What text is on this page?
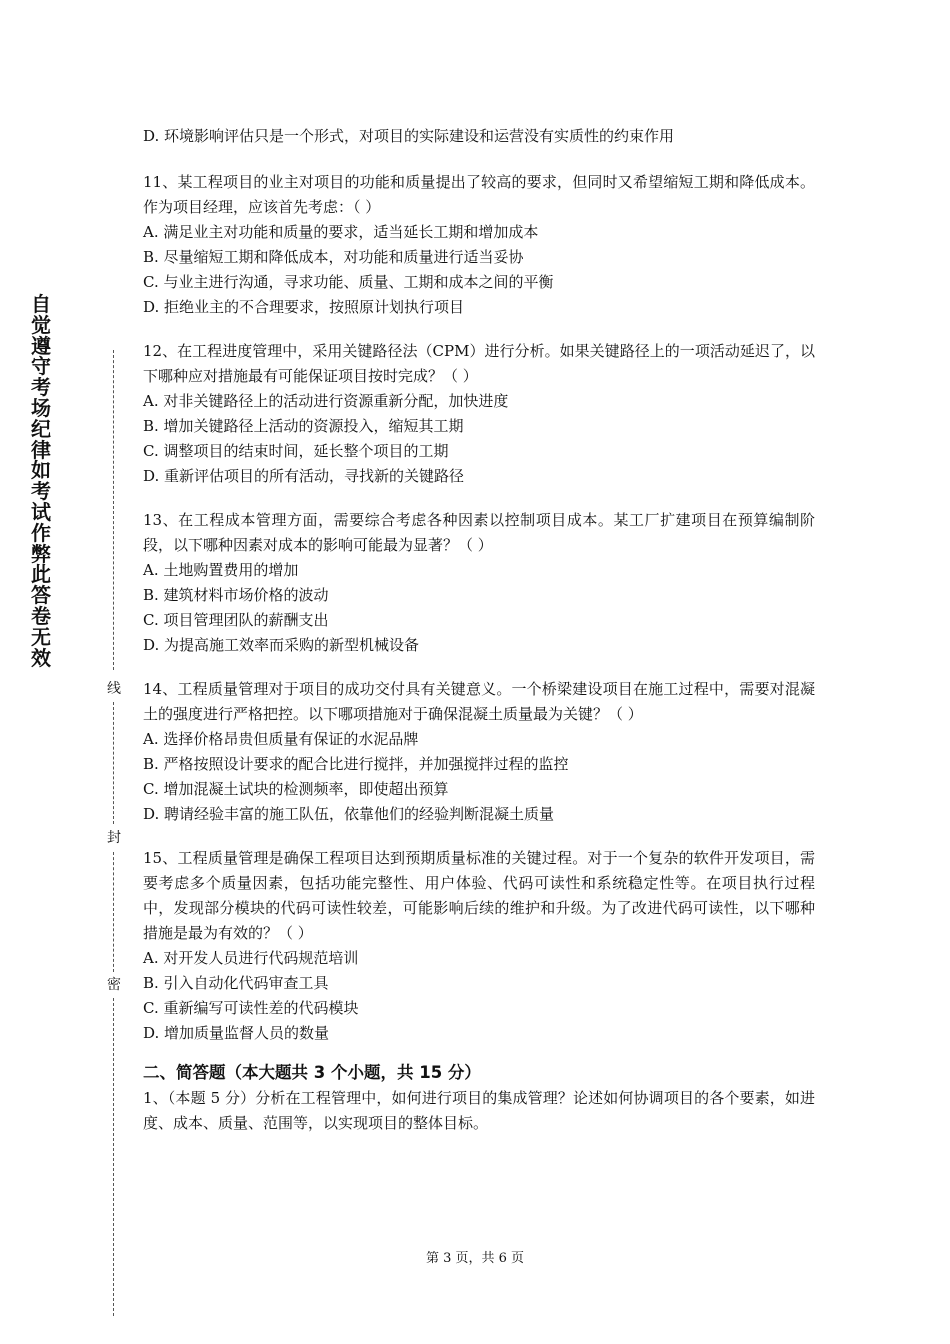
自
觉
遵
守
考
场
纪
律
如
考
试
作
弊
此
答
卷
无
效
线
封
密

D. 环境影响评估只是一个形式，对项目的实际建设和运营没有实质性的约束作用

11、某工程项目的业主对项目的功能和质量提出了较高的要求，但同时又希望缩短工期和降低成本。作为项目经理，应该首先考虑：（ ）

A. 满足业主对功能和质量的要求，适当延长工期和增加成本

B. 尽量缩短工期和降低成本，对功能和质量进行适当妥协

C. 与业主进行沟通，寻求功能、质量、工期和成本之间的平衡

D. 拒绝业主的不合理要求，按照原计划执行项目

12、在工程进度管理中，采用关键路径法（CPM）进行分析。如果关键路径上的一项活动延迟了，以下哪种应对措施最有可能保证项目按时完成？（ ）

A. 对非关键路径上的活动进行资源重新分配，加快进度

B. 增加关键路径上活动的资源投入，缩短其工期

C. 调整项目的结束时间，延长整个项目的工期

D. 重新评估项目的所有活动，寻找新的关键路径

13、在工程成本管理方面，需要综合考虑各种因素以控制项目成本。某工厂扩建项目在预算编制阶段，以下哪种因素对成本的影响可能最为显著？（ ）

A. 土地购置费用的增加

B. 建筑材料市场价格的波动

C. 项目管理团队的薪酬支出

D. 为提高施工效率而采购的新型机械设备

14、工程质量管理对于项目的成功交付具有关键意义。一个桥梁建设项目在施工过程中，需要对混凝土的强度进行严格把控。以下哪项措施对于确保混凝土质量最为关键？（ ）

A. 选择价格昂贵但质量有保证的水泥品牌

B. 严格按照设计要求的配合比进行搅拌，并加强搅拌过程的监控

C. 增加混凝土试块的检测频率，即使超出预算

D. 聘请经验丰富的施工队伍，依靠他们的经验判断混凝土质量

15、工程质量管理是确保工程项目达到预期质量标准的关键过程。对于一个复杂的软件开发项目，需要考虑多个质量因素，包括功能完整性、用户体验、代码可读性和系统稳定性等。在项目执行过程中，发现部分模块的代码可读性较差，可能影响后续的维护和升级。为了改进代码可读性，以下哪种措施是最为有效的？（ ）

A. 对开发人员进行代码规范培训

B. 引入自动化代码审查工具

C. 重新编写可读性差的代码模块

D. 增加质量监督人员的数量

二、简答题（本大题共 3 个小题，共 15 分）

1、（本题 5 分）分析在工程管理中，如何进行项目的集成管理？论述如何协调项目的各个要素，如进度、成本、质量、范围等，以实现项目的整体目标。

第 3 页，共 6 页
